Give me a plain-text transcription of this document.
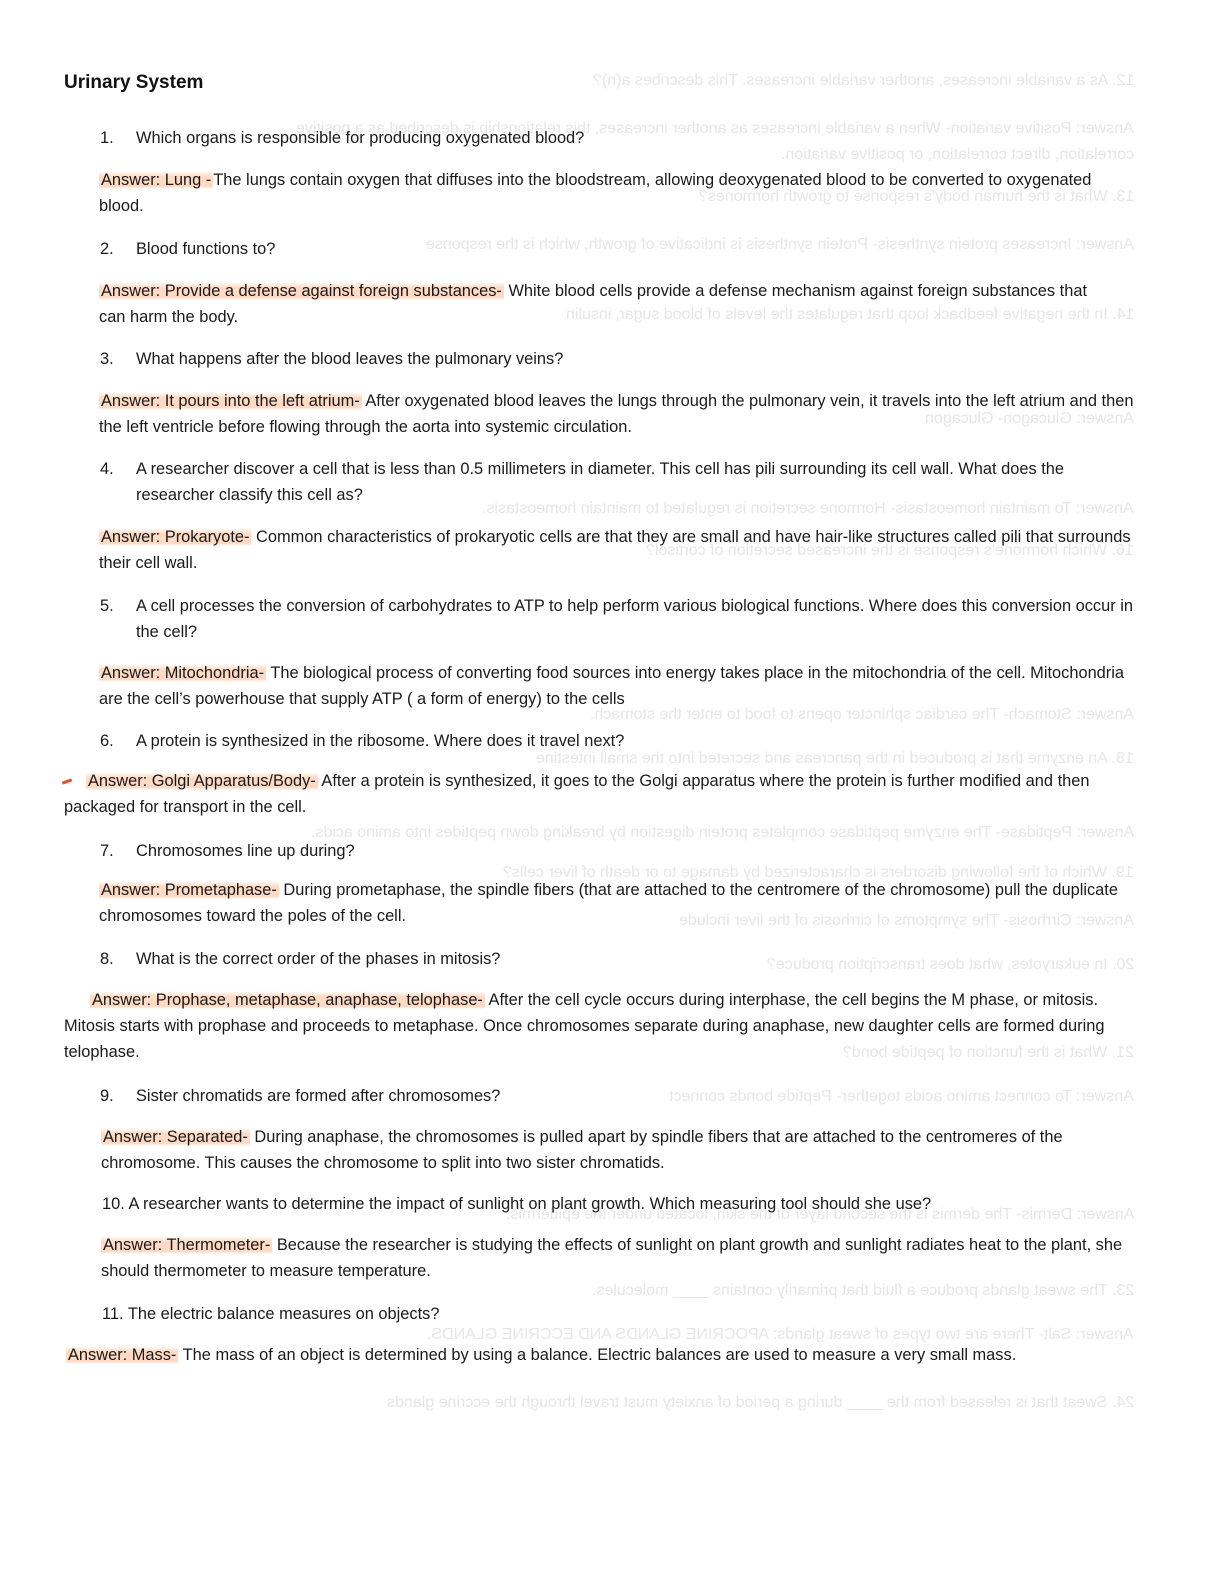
12. As a variable increases, another variable increases. This describes a(n)?
Answer: Positive variation- When a variable increases as another increases, this relationship is described as a positive
correlation, direct correlation, or positive variation.
13. What is the human body's response to growth hormones?
Answer: Increases protein synthesis- Protein synthesis is indicative of growth, which is the response
14. In the negative feedback loop that regulates the levels of blood sugar, insulin
Answer: Glucagon- Glucagon
Answer: To maintain homeostasis- Hormone secretion is regulated to maintain homeostasis.
16. Which hormone's response is the increased secretion of cortisol?
Answer: Stomach- The cardiac sphincter opens to food to enter the stomach.
18. An enzyme that is produced in the pancreas and secreted into the small intestine
Answer: Peptidase- The enzyme peptidase completes protein digestion by breaking down peptides into amino acids.
19. Which of the following disorders is characterized by damage to or death of liver cells?
Answer: Cirrhosis- The symptoms of cirrhosis of the liver include
20. In eukaryotes, what does transcription produce?
21. What is the function of peptide bond?
Answer: To connect amino acids together- Peptide bonds connect
Answer: Dermis- The dermis is the second layer of the skin, located under the epidermis.
23. The sweat glands produce a fluid that primarily contains ____ molecules.
Answer: Salt- There are two types of sweat glands: APOCRINE GLANDS AND ECCRINE GLANDS.
24. Sweat that is released from the ____ during a period of anxiety must travel through the eccrine glands
Urinary System
1.	Which organs is responsible for producing oxygenated blood?
Answer: Lung - The lungs contain oxygen that diffuses into the bloodstream, allowing deoxygenated blood to be converted to oxygenated blood.
2.	Blood functions to?
Answer: Provide a defense against foreign substances- White blood cells provide a defense mechanism against foreign substances that can harm the body.
3.	What happens after the blood leaves the pulmonary veins?
Answer: It pours into the left atrium- After oxygenated blood leaves the lungs through the pulmonary vein, it travels into the left atrium and then the left ventricle before flowing through the aorta into systemic circulation.
4.	A researcher discover a cell that is less than 0.5 millimeters in diameter. This cell has pili surrounding its cell wall. What does the researcher classify this cell as?
Answer: Prokaryote- Common characteristics of prokaryotic cells are that they are small and have hair-like structures called pili that surrounds their cell wall.
5.	A cell processes the conversion of carbohydrates to ATP to help perform various biological functions. Where does this conversion occur in the cell?
Answer: Mitochondria- The biological process of converting food sources into energy takes place in the mitochondria of the cell. Mitochondria are the cell’s powerhouse that supply ATP ( a form of energy) to the cells
6.	A protein is synthesized in the ribosome. Where does it travel next?
Answer: Golgi Apparatus/Body- After a protein is synthesized, it goes to the Golgi apparatus where the protein is further modified and then packaged for transport in the cell.
7.	Chromosomes line up during?
Answer: Prometaphase- During prometaphase, the spindle fibers (that are attached to the centromere of the chromosome) pull the duplicate chromosomes toward the poles of the cell.
8.	What is the correct order of the phases in mitosis?
Answer: Prophase, metaphase, anaphase, telophase- After the cell cycle occurs during interphase, the cell begins the M phase, or mitosis. Mitosis starts with prophase and proceeds to metaphase. Once chromosomes separate during anaphase, new daughter cells are formed during telophase.
9.	Sister chromatids are formed after chromosomes?
Answer: Separated- During anaphase, the chromosomes is pulled apart by spindle fibers that are attached to the centromeres of the chromosome. This causes the chromosome to split into two sister chromatids.
10. A researcher wants to determine the impact of sunlight on plant growth. Which measuring tool should she use?
Answer: Thermometer- Because the researcher is studying the effects of sunlight on plant growth and sunlight radiates heat to the plant, she should thermometer to measure temperature.
11. The electric balance measures on objects?
Answer: Mass- The mass of an object is determined by using a balance. Electric balances are used to measure a very small mass.
